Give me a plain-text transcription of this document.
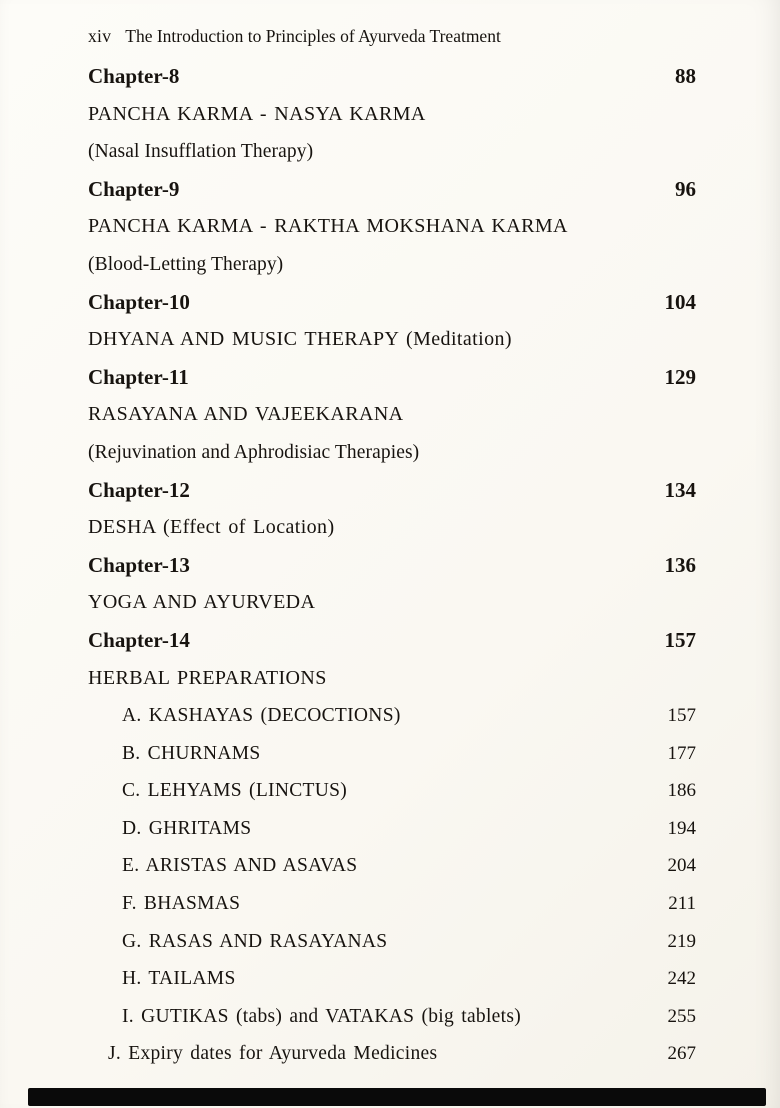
xiv The Introduction to Principles of Ayurveda Treatment
Chapter-8	88
PANCHA KARMA - NASYA KARMA
(Nasal Insufflation Therapy)
Chapter-9	96
PANCHA KARMA - RAKTHA MOKSHANA KARMA
(Blood-Letting Therapy)
Chapter-10	104
DHYANA AND MUSIC THERAPY (Meditation)
Chapter-11	129
RASAYANA AND VAJEEKARANA
(Rejuvination and Aphrodisiac Therapies)
Chapter-12	134
DESHA (Effect of Location)
Chapter-13	136
YOGA AND AYURVEDA
Chapter-14	157
HERBAL PREPARATIONS
A. KASHAYAS (DECOCTIONS)	157
B. CHURNAMS	177
C. LEHYAMS (LINCTUS)	186
D. GHRITAMS	194
E. ARISTAS AND ASAVAS	204
F. BHASMAS	211
G. RASAS AND RASAYANAS	219
H. TAILAMS	242
I. GUTIKAS (tabs) and VATAKAS (big tablets)	255
J. Expiry dates for Ayurveda Medicines	267
